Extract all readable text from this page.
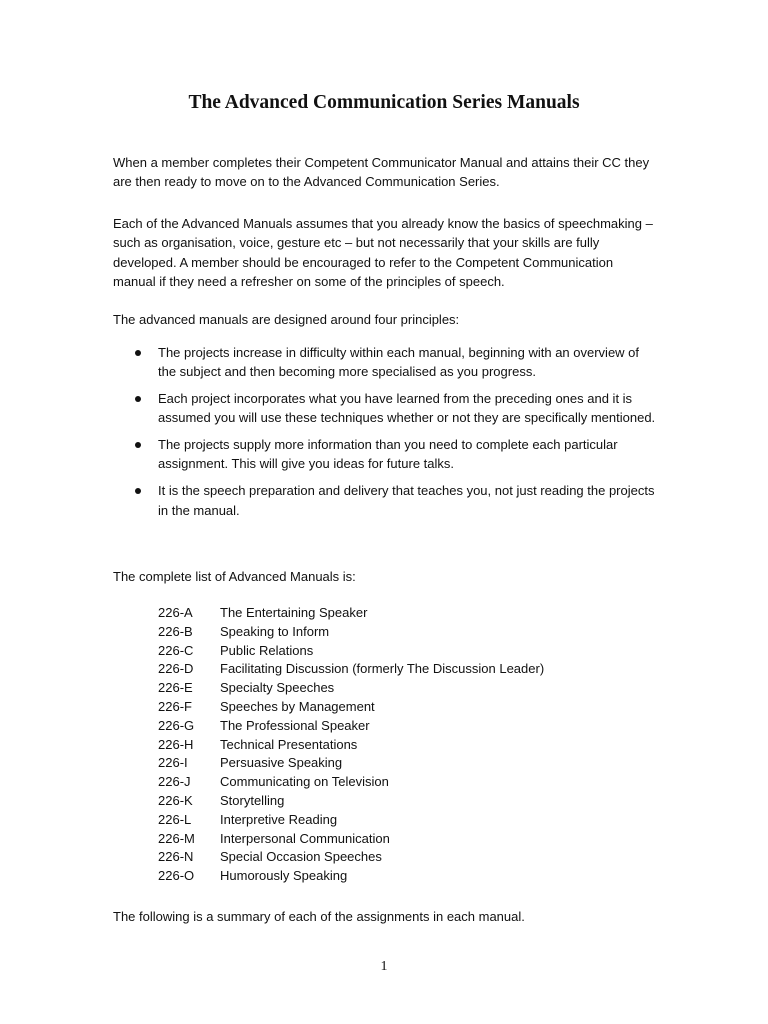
The Advanced Communication Series Manuals

When a member completes their Competent Communicator Manual and attains their CC they are then ready to move on to the Advanced Communication Series.

Each of the Advanced Manuals assumes that you already know the basics of speechmaking – such as organisation, voice, gesture etc – but not necessarily that your skills are fully developed. A member should be encouraged to refer to the Competent Communication manual if they need a refresher on some of the principles of speech.

The advanced manuals are designed around four principles:

The projects increase in difficulty within each manual, beginning with an overview of the subject and then becoming more specialised as you progress.
Each project incorporates what you have learned from the preceding ones and it is assumed you will use these techniques whether or not they are specifically mentioned.
The projects supply more information than you need to complete each particular assignment. This will give you ideas for future talks.
It is the speech preparation and delivery that teaches you, not just reading the projects in the manual.

The complete list of Advanced Manuals is:

226-A	The Entertaining Speaker
226-B	Speaking to Inform
226-C	Public Relations
226-D	Facilitating Discussion (formerly The Discussion Leader)
226-E	Specialty Speeches
226-F	Speeches by Management
226-G	The Professional Speaker
226-H	Technical Presentations
226-I	Persuasive Speaking
226-J	Communicating on Television
226-K	Storytelling
226-L	Interpretive Reading
226-M	Interpersonal Communication
226-N	Special Occasion Speeches
226-O	Humorously Speaking

The following is a summary of each of the assignments in each manual.

1
